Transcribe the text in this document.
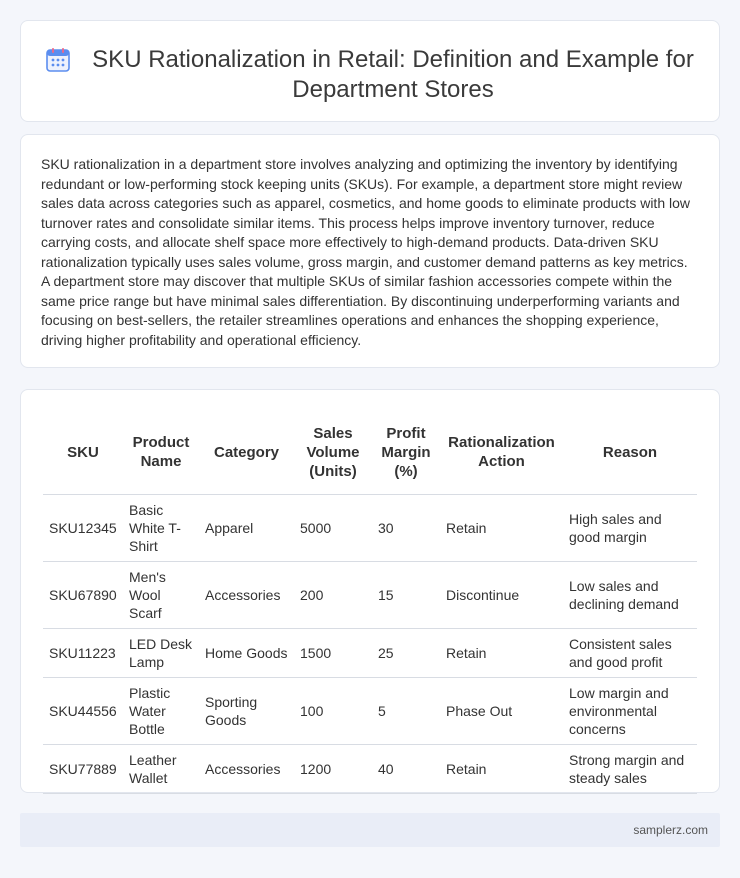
SKU Rationalization in Retail: Definition and Example for Department Stores

SKU rationalization in a department store involves analyzing and optimizing the inventory by identifying redundant or low-performing stock keeping units (SKUs). For example, a department store might review sales data across categories such as apparel, cosmetics, and home goods to eliminate products with low turnover rates and consolidate similar items. This process helps improve inventory turnover, reduce carrying costs, and allocate shelf space more effectively to high-demand products. Data-driven SKU rationalization typically uses sales volume, gross margin, and customer demand patterns as key metrics. A department store may discover that multiple SKUs of similar fashion accessories compete within the same price range but have minimal sales differentiation. By discontinuing underperforming variants and focusing on best-sellers, the retailer streamlines operations and enhances the shopping experience, driving higher profitability and operational efficiency.

SKU	Product Name	Category	Sales Volume (Units)	Profit Margin (%)	Rationalization Action	Reason
SKU12345	Basic White T-Shirt	Apparel	5000	30	Retain	High sales and good margin
SKU67890	Men's Wool Scarf	Accessories	200	15	Discontinue	Low sales and declining demand
SKU11223	LED Desk Lamp	Home Goods	1500	25	Retain	Consistent sales and good profit
SKU44556	Plastic Water Bottle	Sporting Goods	100	5	Phase Out	Low margin and environmental concerns
SKU77889	Leather Wallet	Accessories	1200	40	Retain	Strong margin and steady sales
samplerz.com
